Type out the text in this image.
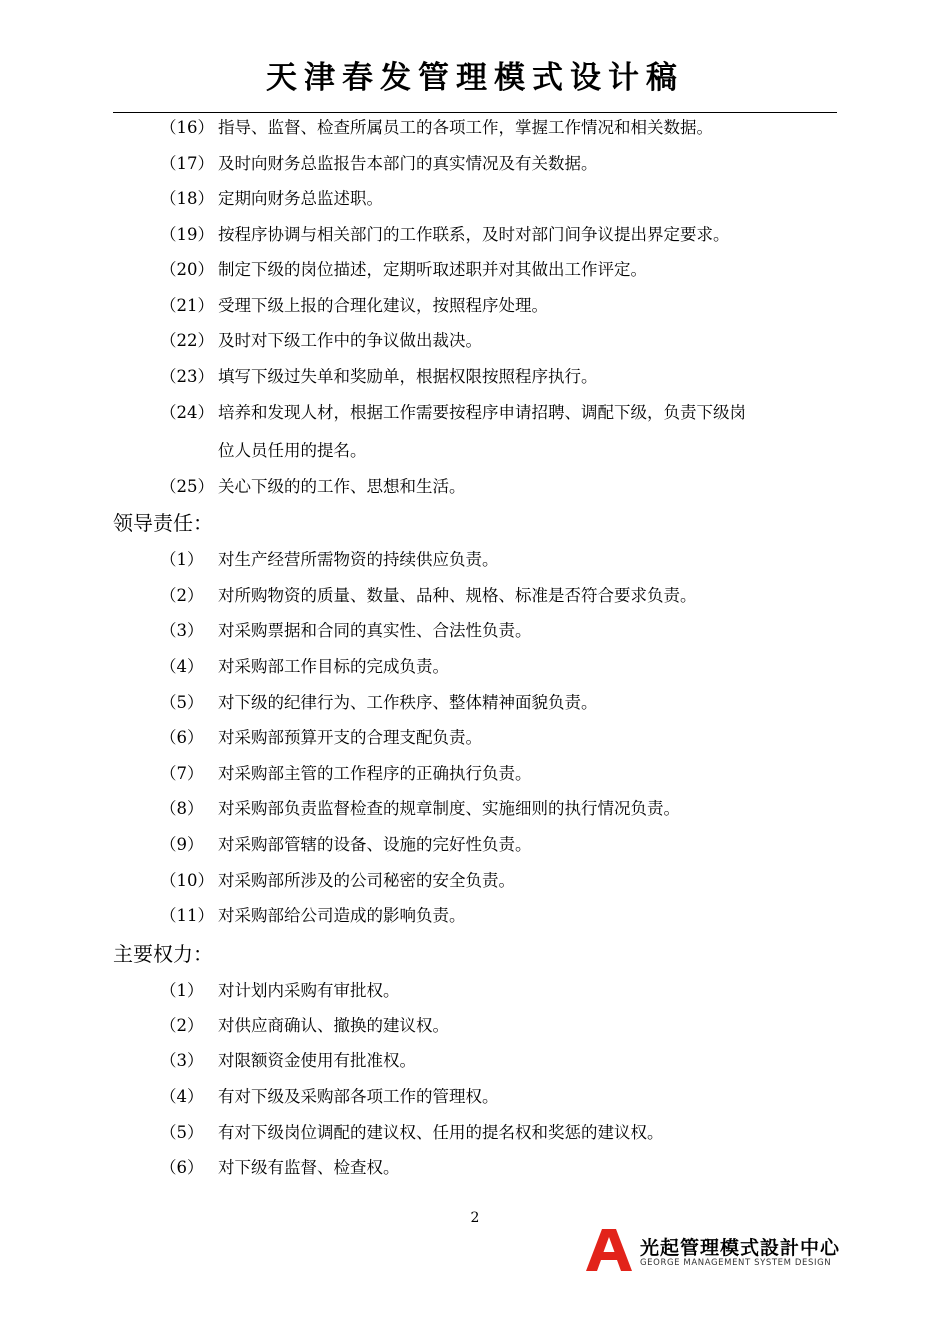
天津春发管理模式设计稿
（16） 指导、监督、检查所属员工的各项工作，掌握工作情况和相关数据。
（17） 及时向财务总监报告本部门的真实情况及有关数据。
（18） 定期向财务总监述职。
（19） 按程序协调与相关部门的工作联系，及时对部门间争议提出界定要求。
（20） 制定下级的岗位描述，定期听取述职并对其做出工作评定。
（21） 受理下级上报的合理化建议，按照程序处理。
（22） 及时对下级工作中的争议做出裁决。
（23） 填写下级过失单和奖励单，根据权限按照程序执行。
（24） 培养和发现人材，根据工作需要按程序申请招聘、调配下级，负责下级岗
位人员任用的提名。
（25） 关心下级的的工作、思想和生活。
领导责任：
（1） 对生产经营所需物资的持续供应负责。
（2） 对所购物资的质量、数量、品种、规格、标准是否符合要求负责。
（3） 对采购票据和合同的真实性、合法性负责。
（4） 对采购部工作目标的完成负责。
（5） 对下级的纪律行为、工作秩序、整体精神面貌负责。
（6） 对采购部预算开支的合理支配负责。
（7） 对采购部主管的工作程序的正确执行负责。
（8） 对采购部负责监督检查的规章制度、实施细则的执行情况负责。
（9） 对采购部管辖的设备、设施的完好性负责。
（10） 对采购部所涉及的公司秘密的安全负责。
（11） 对采购部给公司造成的影响负责。
主要权力：
（1） 对计划内采购有审批权。
（2） 对供应商确认、撤换的建议权。
（3） 对限额资金使用有批准权。
（4） 有对下级及采购部各项工作的管理权。
（5） 有对下级岗位调配的建议权、任用的提名权和奖惩的建议权。
（6） 对下级有监督、检查权。
2
光起管理模式設計中心
GEORGE MANAGEMENT SYSTEM DESIGN
